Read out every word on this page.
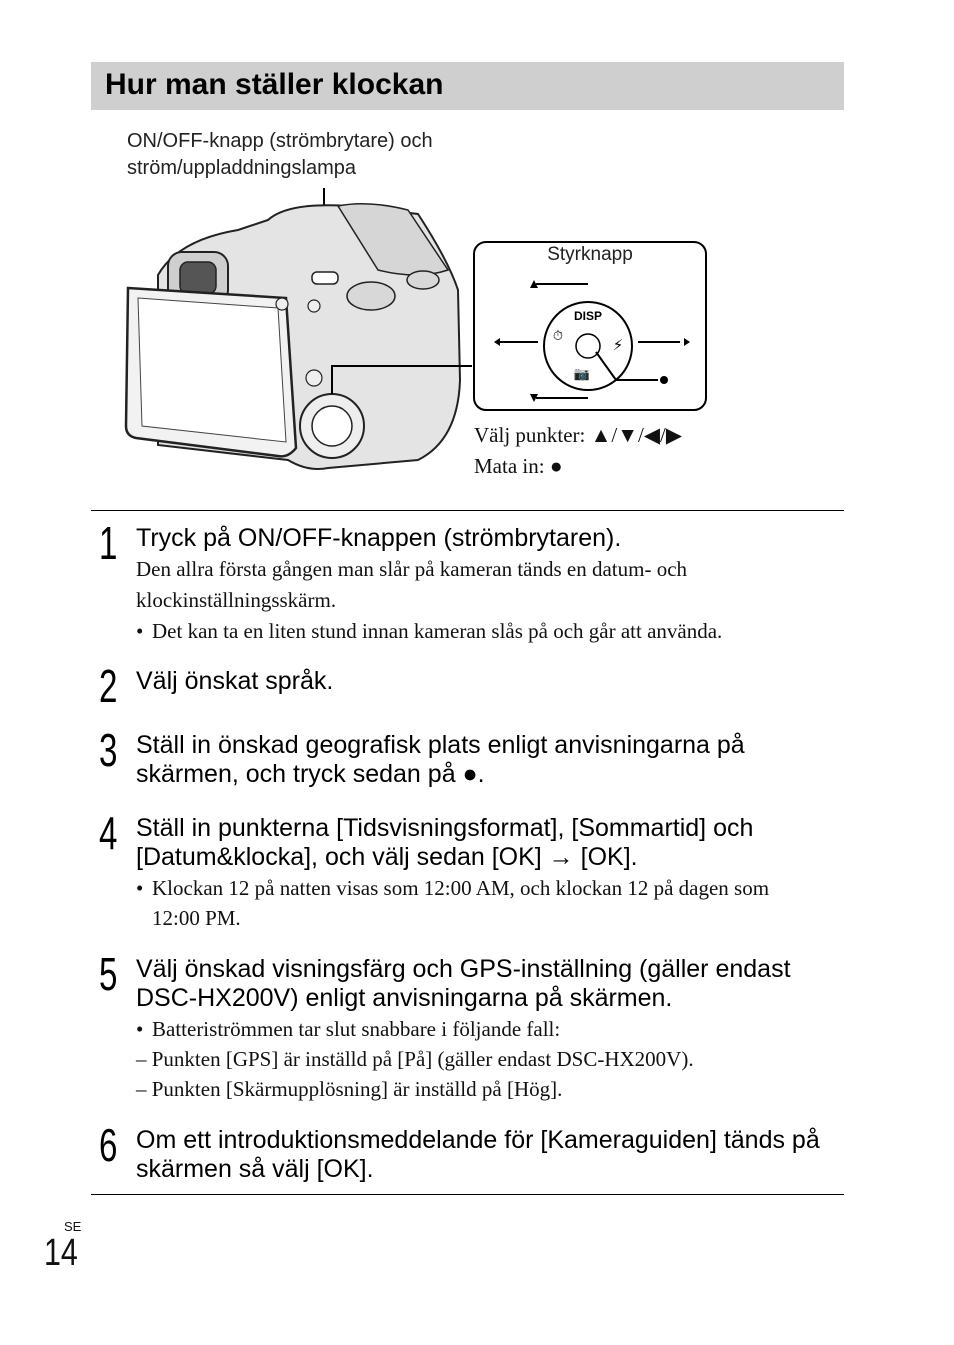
Hur man ställer klockan
ON/OFF-knapp (strömbrytare) och
ström/uppladdningslampa
DISP
⚡
⏱
📷
Styrknapp
Välj punkter: ▲/▼/◀/▶
Mata in: ●
1 Tryck på ON/OFF-knappen (strömbrytaren).
Den allra första gången man slår på kameran tänds en datum- och klockinställningsskärm.
• Det kan ta en liten stund innan kameran slås på och går att använda.
2 Välj önskat språk.
3 Ställ in önskad geografisk plats enligt anvisningarna på skärmen, och tryck sedan på ●.
4 Ställ in punkterna [Tidsvisningsformat], [Sommartid] och [Datum&klocka], och välj sedan [OK] → [OK].
• Klockan 12 på natten visas som 12:00 AM, och klockan 12 på dagen som 12:00 PM.
5 Välj önskad visningsfärg och GPS-inställning (gäller endast DSC-HX200V) enligt anvisningarna på skärmen.
• Batteriströmmen tar slut snabbare i följande fall:
– Punkten [GPS] är inställd på [På] (gäller endast DSC-HX200V).
– Punkten [Skärmupplösning] är inställd på [Hög].
6 Om ett introduktionsmeddelande för [Kameraguiden] tänds på skärmen så välj [OK].
SE
14
